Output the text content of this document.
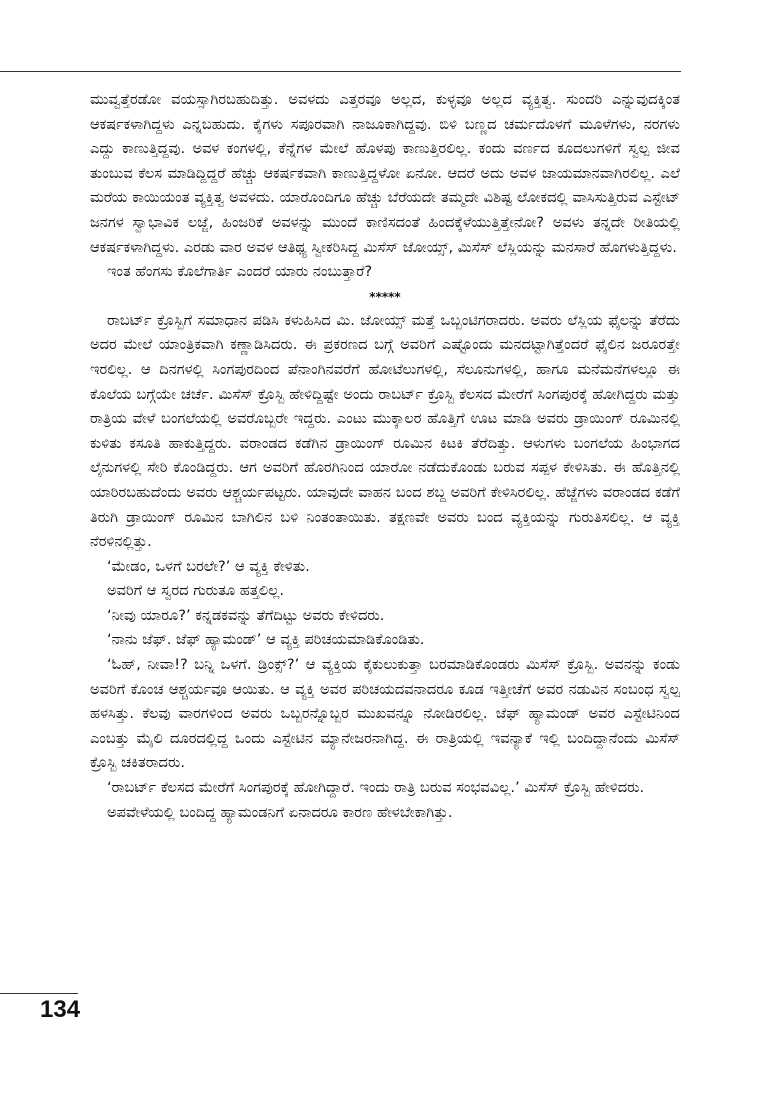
ಮುವ್ವತ್ತೆರಡೋ ವಯಸ್ಸಾಗಿರಬಹುದಿತ್ತು. ಅವಳದು ಎತ್ತರವೂ ಅಲ್ಲದ, ಕುಳ್ಳವೂ ಅಲ್ಲದ ವ್ಯಕ್ತಿತ್ವ. ಸುಂದರಿ ಎನ್ನುವುದಕ್ಕಿಂತ ಆಕರ್ಷಕಳಾಗಿದ್ದಳು ಎನ್ನಬಹುದು. ಕೈಗಳು ಸಪೂರವಾಗಿ ನಾಜೂಕಾಗಿದ್ದವು. ಬಿಳಿ ಬಣ್ಣದ ಚರ್ಮದೊಳಗೆ ಮೂಳೆಗಳು, ನರಗಳು ಎದ್ದು ಕಾಣುತ್ತಿದ್ದವು. ಅವಳ ಕಂಗಳಲ್ಲಿ, ಕೆನ್ನೆಗಳ ಮೇಲೆ ಹೊಳಪು ಕಾಣುತ್ತಿರಲಿಲ್ಲ. ಕಂದು ವರ್ಣದ ಕೂದಲುಗಳಿಗೆ ಸ್ವಲ್ಪ ಜೀವ ತುಂಬುವ ಕೆಲಸ ಮಾಡಿದ್ದಿದ್ದರೆ ಹೆಚ್ಚು ಆಕರ್ಷಕವಾಗಿ ಕಾಣುತ್ತಿದ್ದಳೋ ಏನೋ. ಆದರೆ ಅದು ಅವಳ ಜಾಯಮಾನವಾಗಿರಲಿಲ್ಲ. ಎಲೆ ಮರೆಯ ಕಾಯಿಯಂತ ವ್ಯಕ್ತಿತ್ವ ಅವಳದು. ಯಾರೊಂದಿಗೂ ಹೆಚ್ಚು ಬೆರೆಯದೇ ತಮ್ಮದೇ ವಿಶಿಷ್ಟ ಲೋಕದಲ್ಲಿ ವಾಸಿಸುತ್ತಿರುವ ಎಸ್ಟೇಟ್ ಜನಗಳ ಸ್ವಾಭಾವಿಕ ಲಜ್ಜೆ, ಹಿಂಜರಿಕೆ ಅವಳನ್ನು ಮುಂದೆ ಕಾಣಿಸದಂತೆ ಹಿಂದಕ್ಕೆಳೆಯುತ್ತಿತ್ತೇನೋ? ಅವಳು ತನ್ನದೇ ರೀತಿಯಲ್ಲಿ ಆಕರ್ಷಕಳಾಗಿದ್ದಳು. ಎರಡು ವಾರ ಅವಳ ಆತಿಥ್ಯ ಸ್ವೀಕರಿಸಿದ್ದ ಮಿಸೆಸ್ ಜೋಯ್ಸ್, ಮಿಸೆಸ್ ಲೆಸ್ಲಿಯನ್ನು ಮನಸಾರೆ ಹೊಗಳುತ್ತಿದ್ದಳು.

ಇಂತ ಹೆಂಗಸು ಕೊಲೆಗಾರ್ತಿ ಎಂದರೆ ಯಾರು ನಂಬುತ್ತಾರೆ?

*****

ರಾಬರ್ಟ್ ಕ್ರೊಸ್ಬಿಗೆ ಸಮಾಧಾನ ಪಡಿಸಿ ಕಳುಹಿಸಿದ ಮಿ. ಜೋಯ್ಸ್ ಮತ್ತೆ ಒಬ್ಬಂಟಿಗರಾದರು. ಅವರು ಲೆಸ್ಲಿಯ ಫೈಲನ್ನು ತೆರೆದು ಅದರ ಮೇಲೆ ಯಾಂತ್ರಿಕವಾಗಿ ಕಣ್ಣಾಡಿಸಿದರು. ಈ ಪ್ರಕರಣದ ಬಗ್ಗೆ ಅವರಿಗೆ ಎಷ್ಟೊಂದು ಮನದಟ್ಟಾಗಿತ್ತೆಂದರೆ ಫೈಲಿನ ಜರೂರತ್ತೇ ಇರಲಿಲ್ಲ. ಆ ದಿನಗಳಲ್ಲಿ ಸಿಂಗಪುರದಿಂದ ಪೆನಾಂಗಿನವರೆಗೆ ಹೋಟೆಲುಗಳಲ್ಲಿ, ಸೆಲೂನುಗಳಲ್ಲಿ, ಹಾಗೂ ಮನೆಮನೆಗಳಲ್ಲೂ ಈ ಕೊಲೆಯ ಬಗ್ಗೆಯೇ ಚರ್ಚೆ. ಮಿಸೆಸ್ ಕ್ರೊಸ್ಬಿ ಹೇಳಿದ್ದಿಷ್ಟೇ ಅಂದು ರಾಬರ್ಟ್ ಕ್ರೊಸ್ಬಿ ಕೆಲಸದ ಮೇರೆಗೆ ಸಿಂಗಪುರಕ್ಕೆ ಹೋಗಿದ್ದರು ಮತ್ತು ರಾತ್ರಿಯ ವೇಳೆ ಬಂಗಲೆಯಲ್ಲಿ ಅವರೊಬ್ಬರೇ ಇದ್ದರು. ಎಂಟು ಮುಕ್ಕಾಲರ ಹೊತ್ತಿಗೆ ಊಟ ಮಾಡಿ ಅವರು ಡ್ರಾಯಿಂಗ್ ರೂಮಿನಲ್ಲಿ ಕುಳಿತು ಕಸೂತಿ ಹಾಕುತ್ತಿದ್ದರು. ವರಾಂಡದ ಕಡೆಗಿನ ಡ್ರಾಯಿಂಗ್ ರೂಮಿನ ಕಿಟಕಿ ತೆರೆದಿತ್ತು. ಆಳುಗಳು ಬಂಗಲೆಯ ಹಿಂಭಾಗದ ಲೈನುಗಳಲ್ಲಿ ಸೇರಿ ಕೊಂಡಿದ್ದರು. ಆಗ ಅವರಿಗೆ ಹೊರಗಿನಿಂದ ಯಾರೋ ನಡೆದುಕೊಂಡು ಬರುವ ಸಪ್ಪಳ ಕೇಳಿಸಿತು. ಈ ಹೊತ್ತಿನಲ್ಲಿ ಯಾರಿರಬಹುದೆಂದು ಅವರು ಆಶ್ಚರ್ಯಪಟ್ಟರು. ಯಾವುದೇ ವಾಹನ ಬಂದ ಶಬ್ದ ಅವರಿಗೆ ಕೇಳಿಸಿರಲಿಲ್ಲ. ಹೆಜ್ಜೆಗಳು ವರಾಂಡದ ಕಡೆಗೆ ತಿರುಗಿ ಡ್ರಾಯಿಂಗ್ ರೂಮಿನ ಬಾಗಿಲಿನ ಬಳಿ ನಿಂತಂತಾಯಿತು. ತಕ್ಷಣವೇ ಅವರು ಬಂದ ವ್ಯಕ್ತಿಯನ್ನು ಗುರುತಿಸಲಿಲ್ಲ. ಆ ವ್ಯಕ್ತಿ ನೆರಳಿನಲ್ಲಿತ್ತು.

‘ಮೇಡಂ, ಒಳಗೆ ಬರಲೇ?’ ಆ ವ್ಯಕ್ತಿ ಕೇಳಿತು.

ಅವರಿಗೆ ಆ ಸ್ವರದ ಗುರುತೂ ಹತ್ತಲಿಲ್ಲ.

‘ನೀವು ಯಾರೂ?’ ಕನ್ನಡಕವನ್ನು ತೆಗೆದಿಟ್ಟು ಅವರು ಕೇಳಿದರು.

‘ನಾನು ಜೆಫ್. ಜೆಫ್ ಹ್ಯಾಮಂಡ್’ ಆ ವ್ಯಕ್ತಿ ಪರಿಚಯಮಾಡಿಕೊಂಡಿತು.

‘ಓಹ್, ನೀವಾ!? ಬನ್ನಿ ಒಳಗೆ. ಡ್ರಿಂಕ್ಸ್?’ ಆ ವ್ಯಕ್ತಿಯ ಕೈಕುಲುಕುತ್ತಾ ಬರಮಾಡಿಕೊಂಡರು ಮಿಸೆಸ್ ಕ್ರೊಸ್ಬಿ. ಅವನನ್ನು ಕಂಡು ಅವರಿಗೆ ಕೊಂಚ ಆಶ್ಚರ್ಯವೂ ಆಯಿತು. ಆ ವ್ಯಕ್ತಿ ಅವರ ಪರಿಚಯದವನಾದರೂ ಕೂಡ ಇತ್ತೀಚೆಗೆ ಅವರ ನಡುವಿನ ಸಂಬಂಧ ಸ್ವಲ್ಪ ಹಳಸಿತ್ತು. ಕೆಲವು ವಾರಗಳಿಂದ ಅವರು ಒಬ್ಬರನ್ನೊಬ್ಬರ ಮುಖವನ್ನೂ ನೋಡಿರಲಿಲ್ಲ. ಜೆಫ್ ಹ್ಯಾಮಂಡ್ ಅವರ ಎಸ್ಟೇಟಿನಿಂದ ಎಂಬತ್ತು ಮೈಲಿ ದೂರದಲ್ಲಿದ್ದ ಒಂದು ಎಸ್ಟೇಟಿನ ಮ್ಯಾನೇಜರನಾಗಿದ್ದ. ಈ ರಾತ್ರಿಯಲ್ಲಿ ಇವನ್ಯಾಕೆ ಇಲ್ಲಿ ಬಂದಿದ್ದಾನೆಂದು ಮಿಸೆಸ್ ಕ್ರೊಸ್ಬಿ ಚಕಿತರಾದರು.

‘ರಾಬರ್ಟ್ ಕೆಲಸದ ಮೇರೆಗೆ ಸಿಂಗಪುರಕ್ಕೆ ಹೋಗಿದ್ದಾರೆ. ಇಂದು ರಾತ್ರಿ ಬರುವ ಸಂಭವವಿಲ್ಲ.’ ಮಿಸೆಸ್ ಕ್ರೊಸ್ಬಿ ಹೇಳಿದರು.

ಅಪವೇಳೆಯಲ್ಲಿ ಬಂದಿದ್ದ ಹ್ಯಾಮಂಡನಿಗೆ ಏನಾದರೂ ಕಾರಣ ಹೇಳಬೇಕಾಗಿತ್ತು.

134
